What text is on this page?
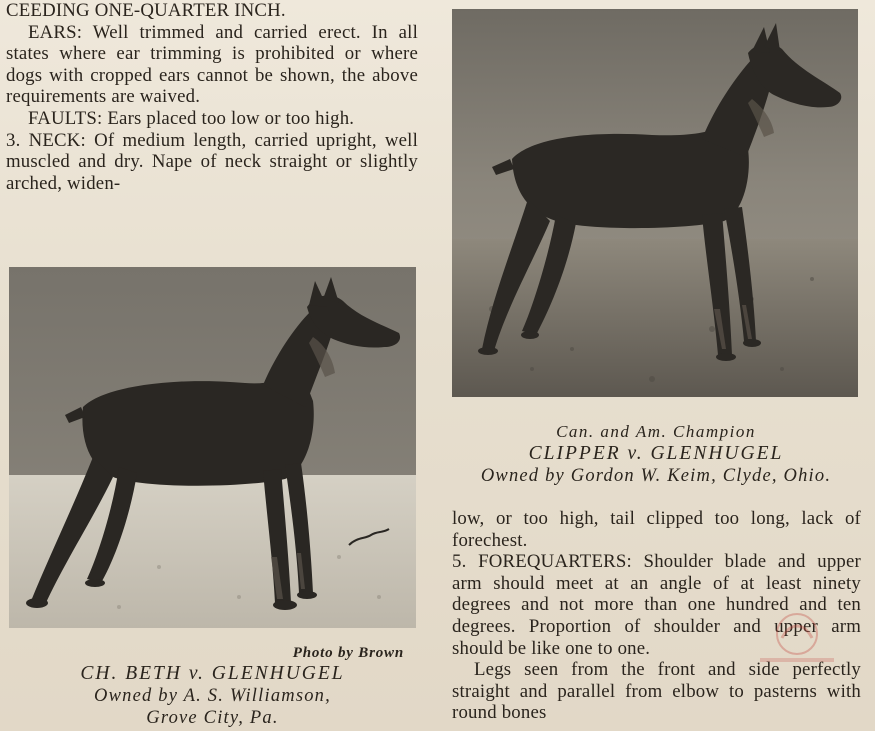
CEEDING ONE-QUARTER INCH.

EARS: Well trimmed and carried erect. In all states where ear trimming is prohibited or where dogs with cropped ears cannot be shown, the above requirements are waived.

FAULTS: Ears placed too low or too high.

3. NECK: Of medium length, carried upright, well muscled and dry. Nape of neck straight or slightly arched, widen-

Can. and Am. Champion
CLIPPER v. GLENHUGEL
Owned by Gordon W. Keim, Clyde, Ohio.
Photo by Brown
CH. BETH v. GLENHUGEL
Owned by A. S. Williamson,
Grove City, Pa.

low, or too high, tail clipped too long, lack of forechest.

5. FOREQUARTERS: Shoulder blade and upper arm should meet at an angle of at least ninety degrees and not more than one hundred and ten degrees. Proportion of shoulder and upper arm should be like one to one.

Legs seen from the front and side perfectly straight and parallel from elbow to pasterns with round bones
